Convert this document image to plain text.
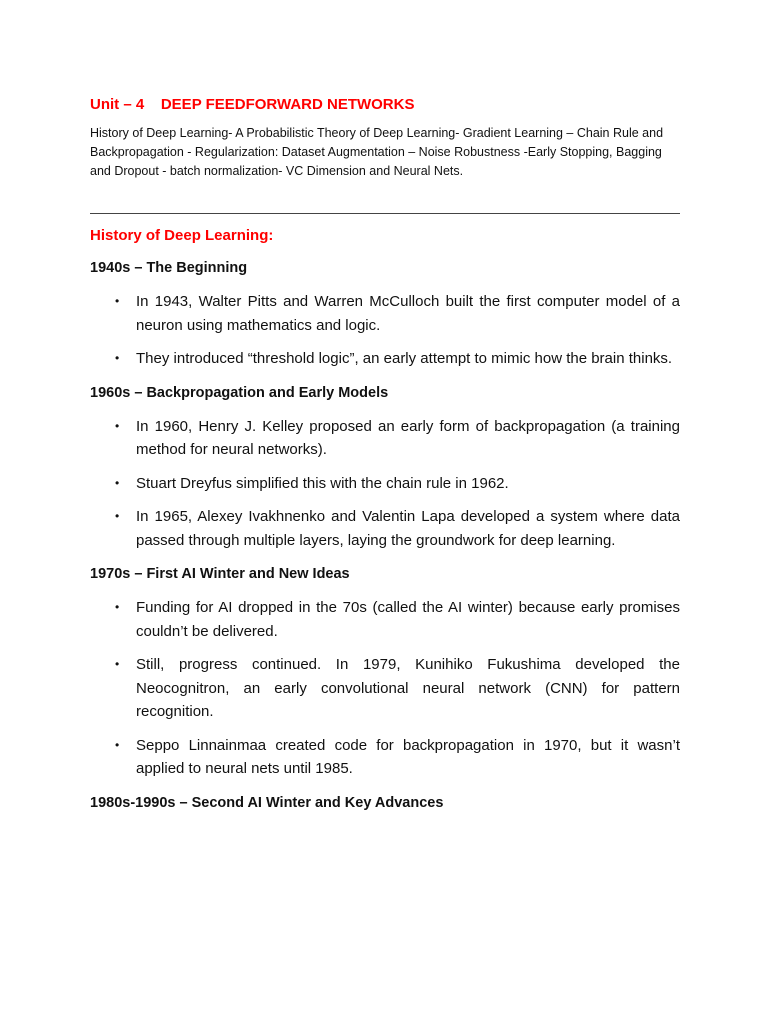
Unit – 4    DEEP FEEDFORWARD NETWORKS

History of Deep Learning- A Probabilistic Theory of Deep Learning- Gradient Learning – Chain Rule and Backpropagation - Regularization: Dataset Augmentation – Noise Robustness -Early Stopping, Bagging and Dropout - batch normalization- VC Dimension and Neural Nets.

History of Deep Learning:
1940s – The Beginning
• In 1943, Walter Pitts and Warren McCulloch built the first computer model of a neuron using mathematics and logic.
• They introduced “threshold logic”, an early attempt to mimic how the brain thinks.
1960s – Backpropagation and Early Models
• In 1960, Henry J. Kelley proposed an early form of backpropagation (a training method for neural networks).
• Stuart Dreyfus simplified this with the chain rule in 1962.
• In 1965, Alexey Ivakhnenko and Valentin Lapa developed a system where data passed through multiple layers, laying the groundwork for deep learning.
1970s – First AI Winter and New Ideas
• Funding for AI dropped in the 70s (called the AI winter) because early promises couldn’t be delivered.
• Still, progress continued. In 1979, Kunihiko Fukushima developed the Neocognitron, an early convolutional neural network (CNN) for pattern recognition.
• Seppo Linnainmaa created code for backpropagation in 1970, but it wasn’t applied to neural nets until 1985.
1980s-1990s – Second AI Winter and Key Advances
